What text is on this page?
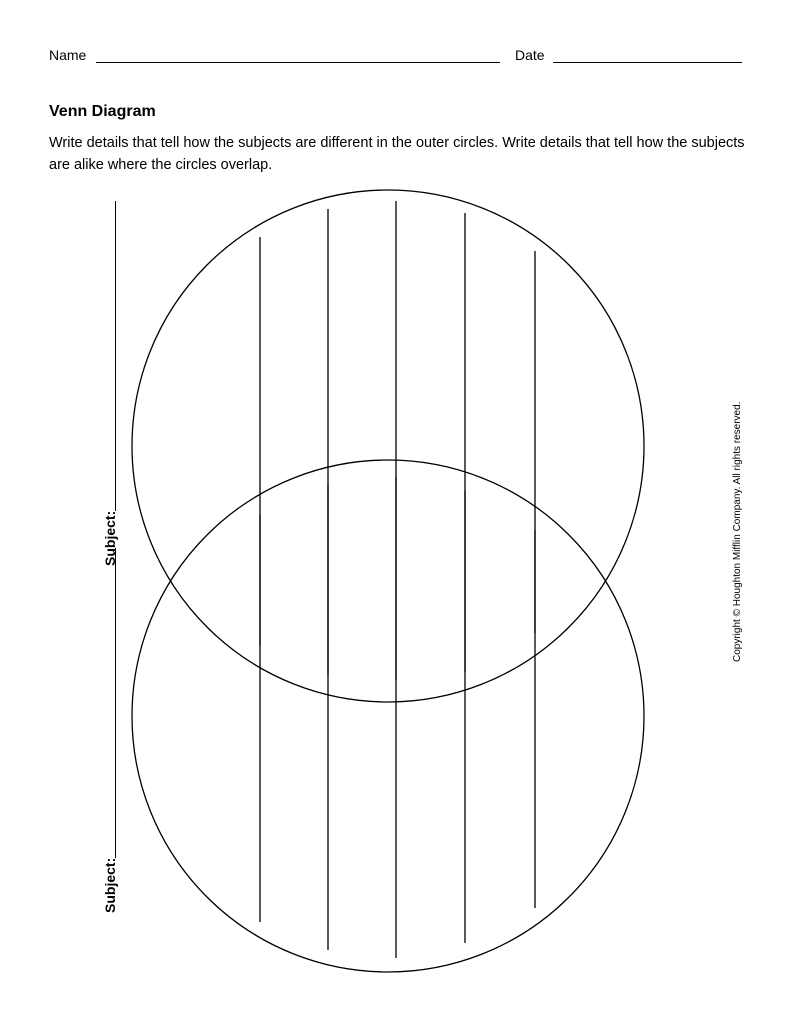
Name	Date
Venn Diagram
Write details that tell how the subjects are different in the outer circles. Write details that tell how the subjects are alike where the circles overlap.
Subject:
Subject:
Copyright © Houghton Mifflin Company. All rights reserved.
